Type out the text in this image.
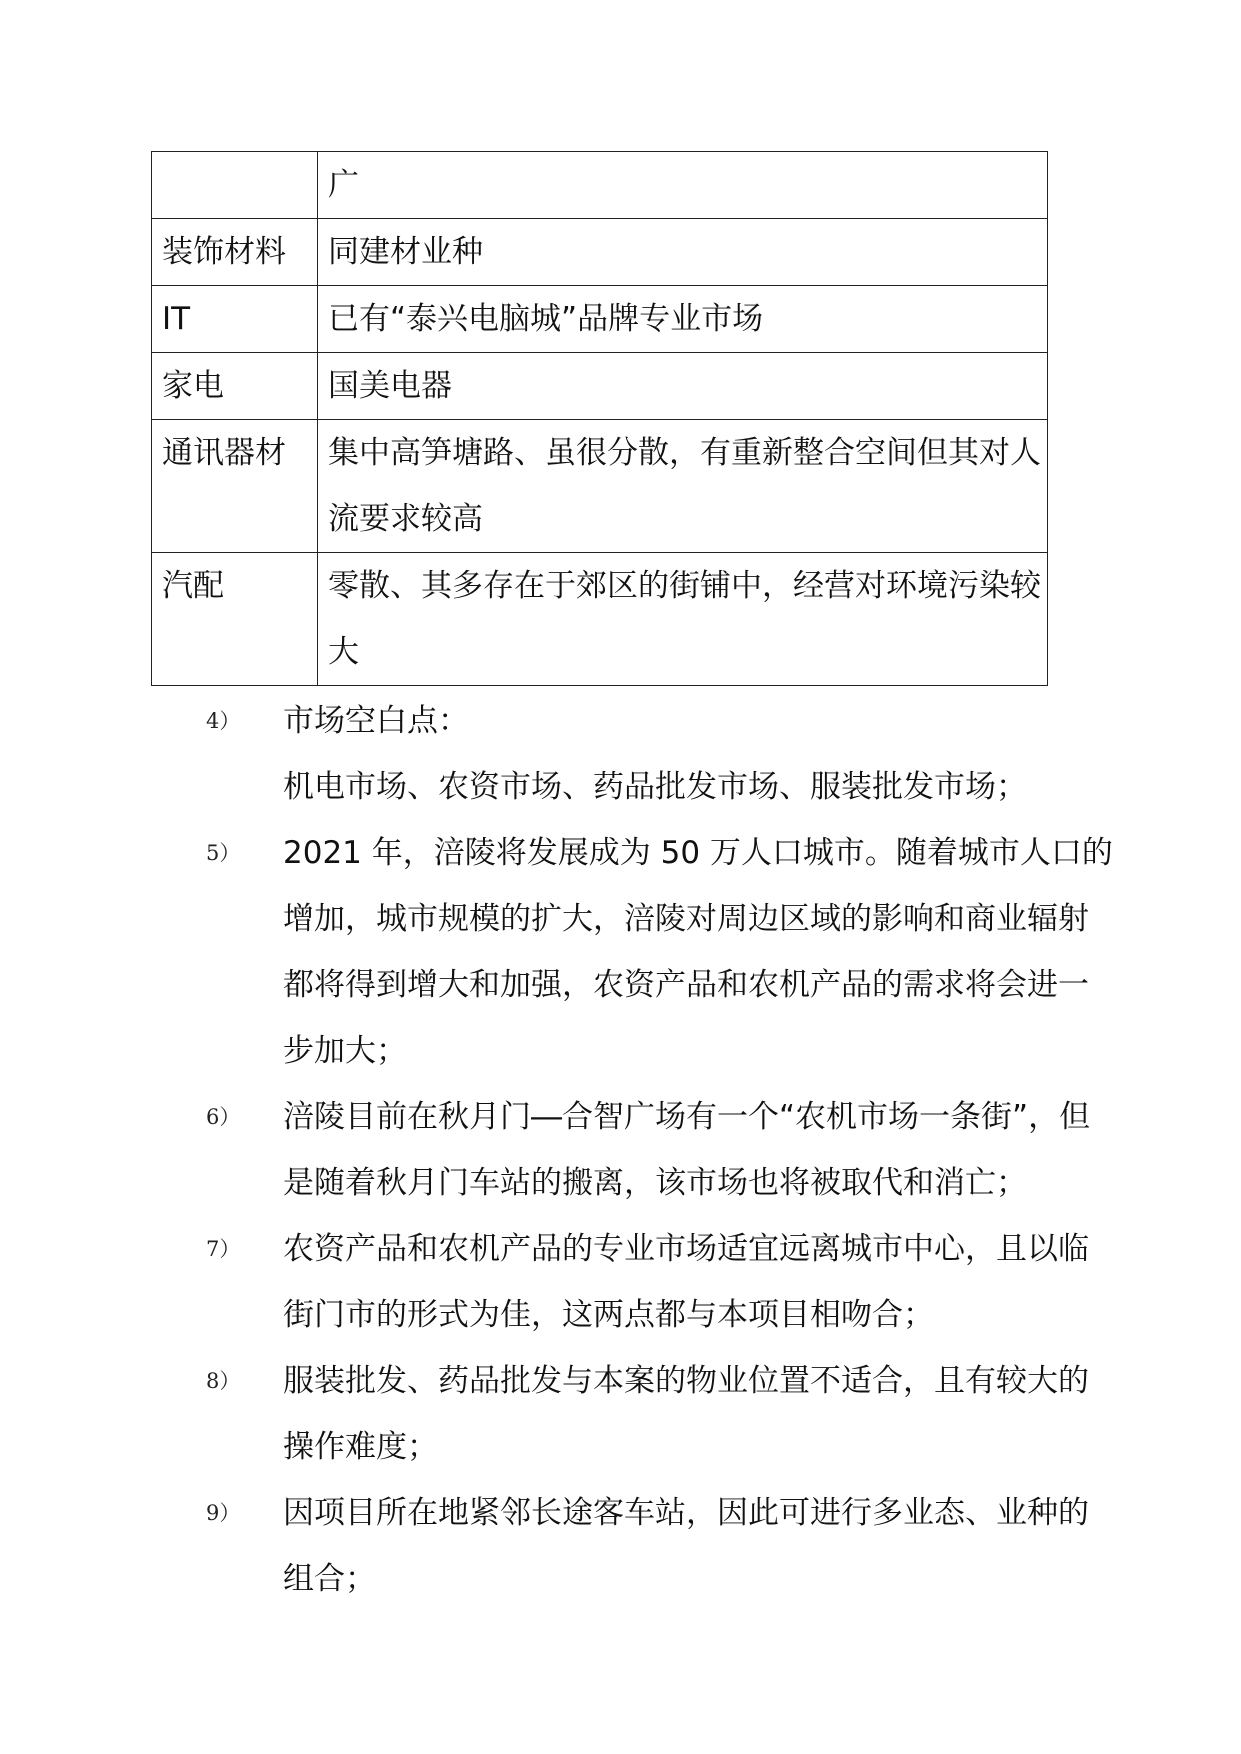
	广
装饰材料	同建材业种
IT	已有“泰兴电脑城”品牌专业市场
家电	国美电器
通讯器材	集中高笋塘路、虽很分散，有重新整合空间但其对人流要求较高
汽配	零散、其多存在于郊区的街铺中，经营对环境污染较大
4） 市场空白点：
机电市场、农资市场、药品批发市场、服装批发市场；
5） 2021 年，涪陵将发展成为 50 万人口城市。随着城市人口的增加，城市规模的扩大，涪陵对周边区域的影响和商业辐射都将得到增大和加强，农资产品和农机产品的需求将会进一步加大；
6） 涪陵目前在秋月门―合智广场有一个“农机市场一条街”，但是随着秋月门车站的搬离，该市场也将被取代和消亡；
7） 农资产品和农机产品的专业市场适宜远离城市中心，且以临街门市的形式为佳，这两点都与本项目相吻合；
8） 服装批发、药品批发与本案的物业位置不适合，且有较大的操作难度；
9） 因项目所在地紧邻长途客车站，因此可进行多业态、业种的组合；
